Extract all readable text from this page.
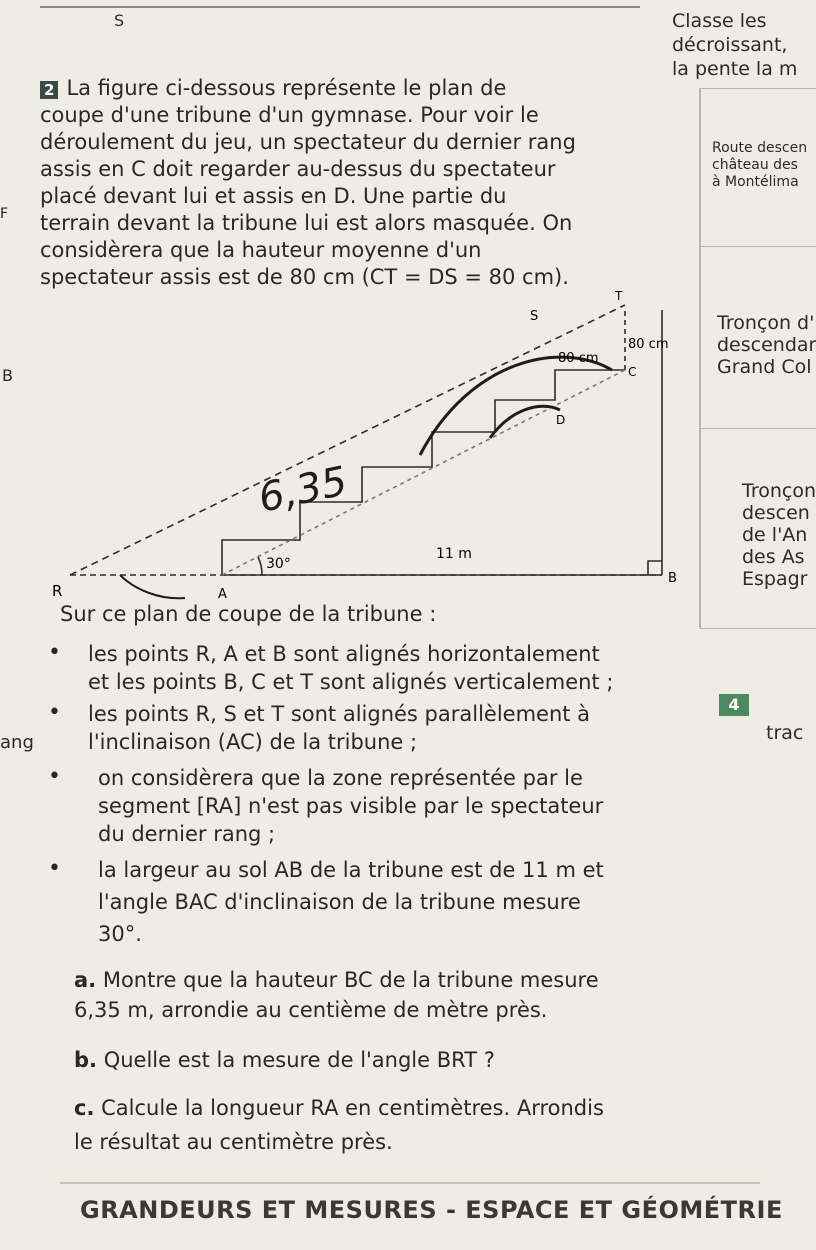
S	Classe les
décroissant,
la pente la m
Route descen
château des
à Montélima
Tronçon d'
descendar
Grand Col
Tronçon
descen
de l'An
des As
Espagr
4
trac
F
B
ang
2 La figure ci-dessous représente le plan de
coupe d'une tribune d'un gymnase. Pour voir le
déroulement du jeu, un spectateur du dernier rang
assis en C doit regarder au-dessus du spectateur
placé devant lui et assis en D. Une partie du
terrain devant la tribune lui est alors masquée. On
considèrera que la hauteur moyenne d'un
spectateur assis est de 80 cm (CT = DS = 80 cm).
S
T
C
D
A
B
R
80 cm
80 cm
11 m
30°
6,35
Sur ce plan de coupe de la tribune :
• les points R, A et B sont alignés horizontalement
et les points B, C et T sont alignés verticalement ;
• les points R, S et T sont alignés parallèlement à
l'inclinaison (AC) de la tribune ;
• on considèrera que la zone représentée par le
segment [RA] n'est pas visible par le spectateur
du dernier rang ;
• la largeur au sol AB de la tribune est de 11 m et
l'angle BAC d'inclinaison de la tribune mesure
30°.
a. Montre que la hauteur BC de la tribune mesure
6,35 m, arrondie au centième de mètre près.
b. Quelle est la mesure de l'angle BRT ?
c. Calcule la longueur RA en centimètres. Arrondis
le résultat au centimètre près.
GRANDEURS ET MESURES - ESPACE ET GÉOMÉTRIE
